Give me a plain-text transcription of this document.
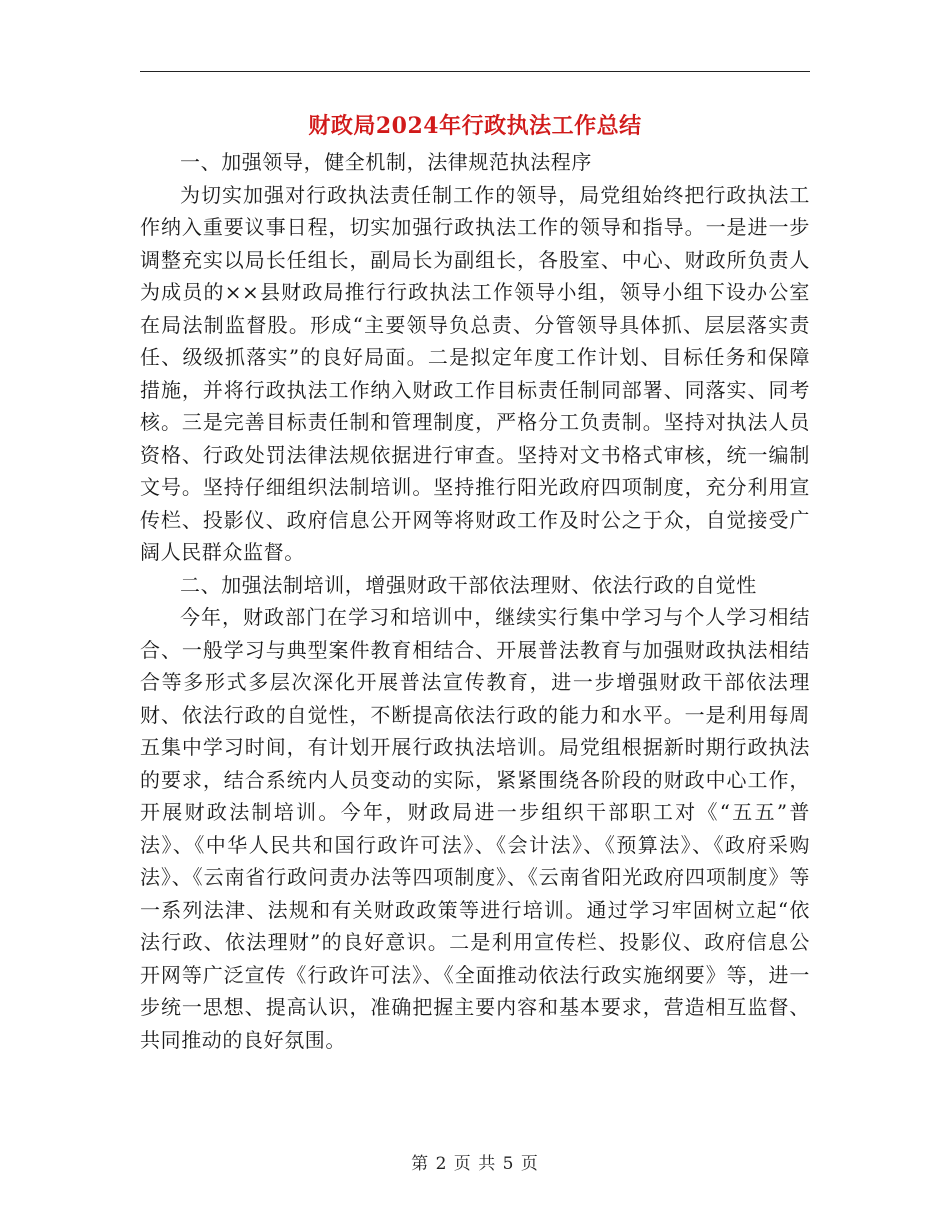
财政局2024年行政执法工作总结

一、加强领导，健全机制，法律规范执法程序

为切实加强对行政执法责任制工作的领导，局党组始终把行政执法工作纳入重要议事日程，切实加强行政执法工作的领导和指导。一是进一步调整充实以局长任组长，副局长为副组长，各股室、中心、财政所负责人为成员的××县财政局推行行政执法工作领导小组，领导小组下设办公室在局法制监督股。形成“主要领导负总责、分管领导具体抓、层层落实责任、级级抓落实”的良好局面。二是拟定年度工作计划、目标任务和保障措施，并将行政执法工作纳入财政工作目标责任制同部署、同落实、同考核。三是完善目标责任制和管理制度，严格分工负责制。坚持对执法人员资格、行政处罚法律法规依据进行审查。坚持对文书格式审核，统一编制文号。坚持仔细组织法制培训。坚持推行阳光政府四项制度，充分利用宣传栏、投影仪、政府信息公开网等将财政工作及时公之于众，自觉接受广阔人民群众监督。

二、加强法制培训，增强财政干部依法理财、依法行政的自觉性

今年，财政部门在学习和培训中，继续实行集中学习与个人学习相结合、一般学习与典型案件教育相结合、开展普法教育与加强财政执法相结合等多形式多层次深化开展普法宣传教育，进一步增强财政干部依法理财、依法行政的自觉性，不断提高依法行政的能力和水平。一是利用每周五集中学习时间，有计划开展行政执法培训。局党组根据新时期行政执法的要求，结合系统内人员变动的实际，紧紧围绕各阶段的财政中心工作，开展财政法制培训。今年，财政局进一步组织干部职工对《“五五”普法》、《中华人民共和国行政许可法》、《会计法》、《预算法》、《政府采购法》、《云南省行政问责办法等四项制度》、《云南省阳光政府四项制度》等一系列法津、法规和有关财政政策等进行培训。通过学习牢固树立起“依法行政、依法理财”的良好意识。二是利用宣传栏、投影仪、政府信息公开网等广泛宣传《行政许可法》、《全面推动依法行政实施纲要》等，进一步统一思想、提高认识，准确把握主要内容和基本要求，营造相互监督、共同推动的良好氛围。

第 2 页 共 5 页
